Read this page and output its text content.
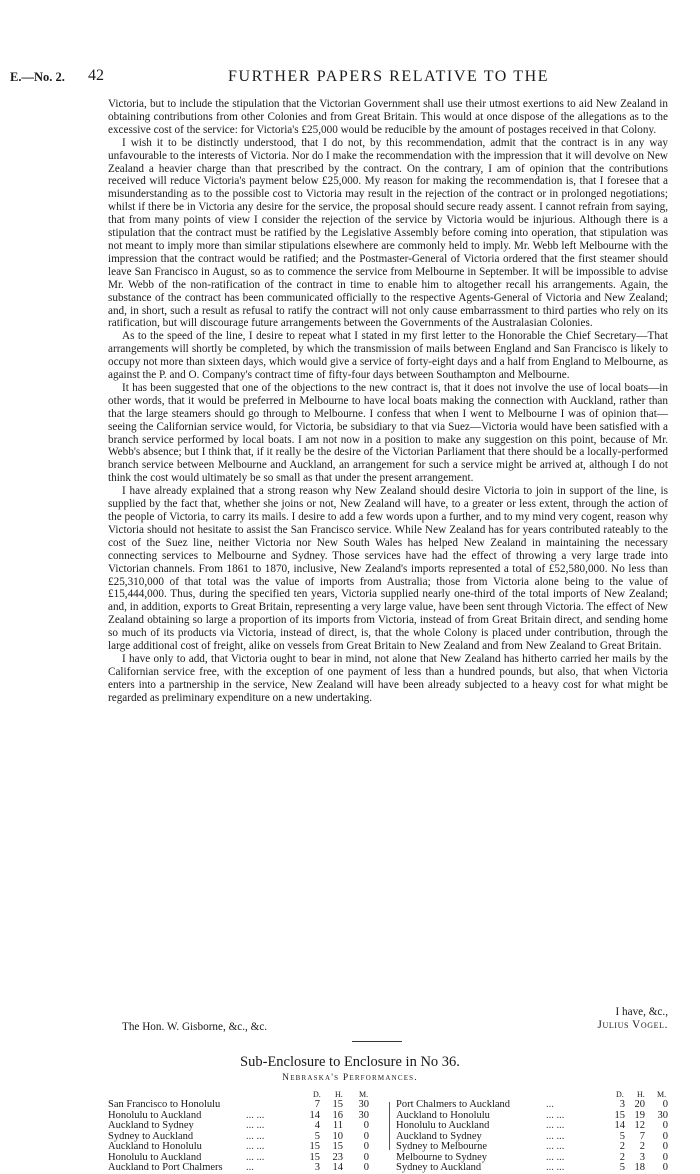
E.—No. 2. 42	FURTHER PAPERS RELATIVE TO THE

Victoria, but to include the stipulation that the Victorian Government shall use their utmost exertions to aid New Zealand in obtaining contributions from other Colonies and from Great Britain. This would at once dispose of the allegations as to the excessive cost of the service: for Victoria's £25,000 would be reducible by the amount of postages received in that Colony.

I wish it to be distinctly understood, that I do not, by this recommendation, admit that the contract is in any way unfavourable to the interests of Victoria. Nor do I make the recommendation with the impression that it will devolve on New Zealand a heavier charge than that prescribed by the contract. On the contrary, I am of opinion that the contributions received will reduce Victoria's payment below £25,000. My reason for making the recommendation is, that I foresee that a misunderstanding as to the possible cost to Victoria may result in the rejection of the contract or in prolonged negotiations; whilst if there be in Victoria any desire for the service, the proposal should secure ready assent. I cannot refrain from saying, that from many points of view I consider the rejection of the service by Victoria would be injurious. Although there is a stipulation that the contract must be ratified by the Legislative Assembly before coming into operation, that stipulation was not meant to imply more than similar stipulations elsewhere are commonly held to imply. Mr. Webb left Melbourne with the impression that the contract would be ratified; and the Postmaster-General of Victoria ordered that the first steamer should leave San Francisco in August, so as to commence the service from Melbourne in September. It will be impossible to advise Mr. Webb of the non-ratification of the contract in time to enable him to altogether recall his arrangements. Again, the substance of the contract has been communicated officially to the respective Agents-General of Victoria and New Zealand; and, in short, such a result as refusal to ratify the contract will not only cause embarrassment to third parties who rely on its ratification, but will discourage future arrangements between the Governments of the Australasian Colonies.

As to the speed of the line, I desire to repeat what I stated in my first letter to the Honorable the Chief Secretary—That arrangements will shortly be completed, by which the transmission of mails between England and San Francisco is likely to occupy not more than sixteen days, which would give a service of forty-eight days and a half from England to Melbourne, as against the P. and O. Company's contract time of fifty-four days between Southampton and Melbourne.

It has been suggested that one of the objections to the new contract is, that it does not involve the use of local boats—in other words, that it would be preferred in Melbourne to have local boats making the connection with Auckland, rather than that the large steamers should go through to Melbourne. I confess that when I went to Melbourne I was of opinion that—seeing the Californian service would, for Victoria, be subsidiary to that via Suez—Victoria would have been satisfied with a branch service performed by local boats. I am not now in a position to make any suggestion on this point, because of Mr. Webb's absence; but I think that, if it really be the desire of the Victorian Parliament that there should be a locally-performed branch service between Melbourne and Auckland, an arrangement for such a service might be arrived at, although I do not think the cost would ultimately be so small as that under the present arrangement.

I have already explained that a strong reason why New Zealand should desire Victoria to join in support of the line, is supplied by the fact that, whether she joins or not, New Zealand will have, to a greater or less extent, through the action of the people of Victoria, to carry its mails. I desire to add a few words upon a further, and to my mind very cogent, reason why Victoria should not hesitate to assist the San Francisco service. While New Zealand has for years contributed rateably to the cost of the Suez line, neither Victoria nor New South Wales has helped New Zealand in maintaining the necessary connecting services to Melbourne and Sydney. Those services have had the effect of throwing a very large trade into Victorian channels. From 1861 to 1870, inclusive, New Zealand's imports represented a total of £52,580,000. No less than £25,310,000 of that total was the value of imports from Australia; those from Victoria alone being to the value of £15,444,000. Thus, during the specified ten years, Victoria supplied nearly one-third of the total imports of New Zealand; and, in addition, exports to Great Britain, representing a very large value, have been sent through Victoria. The effect of New Zealand obtaining so large a proportion of its imports from Victoria, instead of from Great Britain direct, and sending home so much of its products via Victoria, instead of direct, is, that the whole Colony is placed under contribution, through the large additional cost of freight, alike on vessels from Great Britain to New Zealand and from New Zealand to Great Britain.

I have only to add, that Victoria ought to bear in mind, not alone that New Zealand has hitherto carried her mails by the Californian service free, with the exception of one payment of less than a hundred pounds, but also, that when Victoria enters into a partnership in the service, New Zealand will have been already subjected to a heavy cost for what might be regarded as preliminary expenditure on a new undertaking.

I have, &c.,
Julius Vogel.
The Hon. W. Gisborne, &c., &c.
Sub-Enclosure to Enclosure in No 36.
Nebraska's Performances.
D. H. M.
San Francisco to Honolulu	7	15	30
Honolulu to Auckland	... ...	14	16	30
Auckland to Sydney	... ...	4	11	0
Sydney to Auckland	... ...	5	10	0
Auckland to Honolulu	... ...	15	15	0
Honolulu to Auckland	... ...	15	23	0
Auckland to Port Chalmers ...	3	14	0
D. H. M.
Port Chalmers to Auckland	...	3 20	0
Auckland to Honolulu	... ...	15 19	30
Honolulu to Auckland	... ...	14 12	0
Auckland to Sydney	... ...	5	7	0
Sydney to Melbourne	... ...	2	2	0
Melbourne to Sydney	... ...	2	3	0
Sydney to Auckland	... ...	5 18	0
